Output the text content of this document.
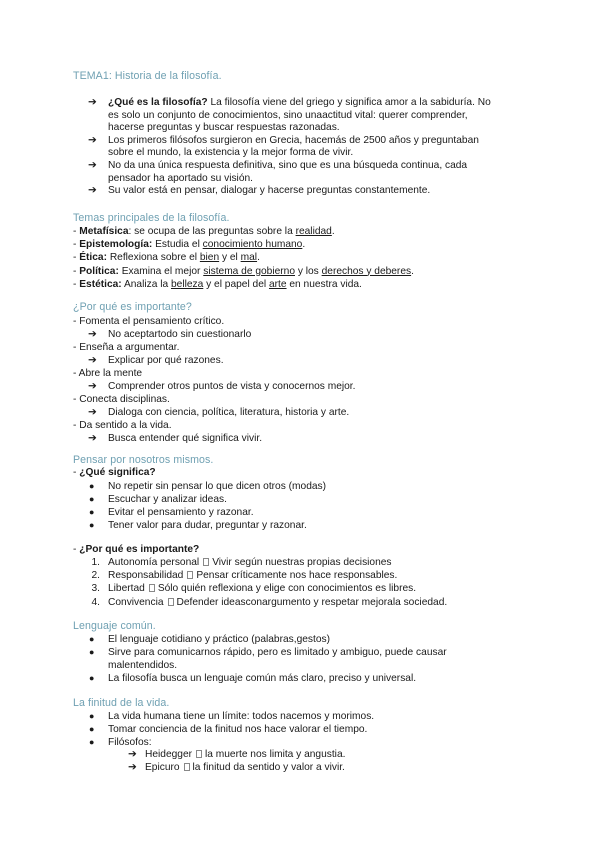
TEMA1: Historia de la filosofía.
➔ ¿Qué es la filosofía? La filosofía viene del griego y significa amor a la sabiduría. No
es solo un conjunto de conocimientos, sino unaactitud vital: querer comprender,
hacerse preguntas y buscar respuestas razonadas.
➔ Los primeros filósofos surgieron en Grecia, hacemás de 2500 años y preguntaban
sobre el mundo, la existencia y la mejor forma de vivir.
➔ No da una única respuesta definitiva, sino que es una búsqueda continua, cada
pensador ha aportado su visión.
➔ Su valor está en pensar, dialogar y hacerse preguntas constantemente.
Temas principales de la filosofía.
- Metafísica: se ocupa de las preguntas sobre la realidad.
- Epistemología: Estudia el conocimiento humano.
- Ética: Reflexiona sobre el bien y el mal.
- Política: Examina el mejor sistema de gobierno y los derechos y deberes.
- Estética: Analiza la belleza y el papel del arte en nuestra vida.
¿Por qué es importante?
- Fomenta el pensamiento crítico.
➔ No aceptartodo sin cuestionarlo
- Enseña a argumentar.
➔ Explicar por qué razones.
- Abre la mente
➔ Comprender otros puntos de vista y conocernos mejor.
- Conecta disciplinas.
➔ Dialoga con ciencia, política, literatura, historia y arte.
- Da sentido a la vida.
➔ Busca entender qué significa vivir.
Pensar por nosotros mismos.
- ¿Qué significa?
● No repetir sin pensar lo que dicen otros (modas)
● Escuchar y analizar ideas.
● Evitar el pensamiento y razonar.
● Tener valor para dudar, preguntar y razonar.
- ¿Por qué es importante?
1. Autonomía personal Vivir según nuestras propias decisiones
2. Responsabilidad Pensar críticamente nos hace responsables.
3. Libertad Sólo quién reflexiona y elige con conocimientos es libres.
4. Convivencia Defender ideasconargumento y respetar mejorala sociedad.
Lenguaje común.
● El lenguaje cotidiano y práctico (palabras,gestos)
● Sirve para comunicarnos rápido, pero es limitado y ambiguo, puede causar
malentendidos.
● La filosofía busca un lenguaje común más claro, preciso y universal.
La finitud de la vida.
● La vida humana tiene un límite: todos nacemos y morimos.
● Tomar conciencia de la finitud nos hace valorar el tiempo.
● Filósofos:
➔ Heidegger la muerte nos limita y angustia.
➔ Epicuro la finitud da sentido y valor a vivir.
